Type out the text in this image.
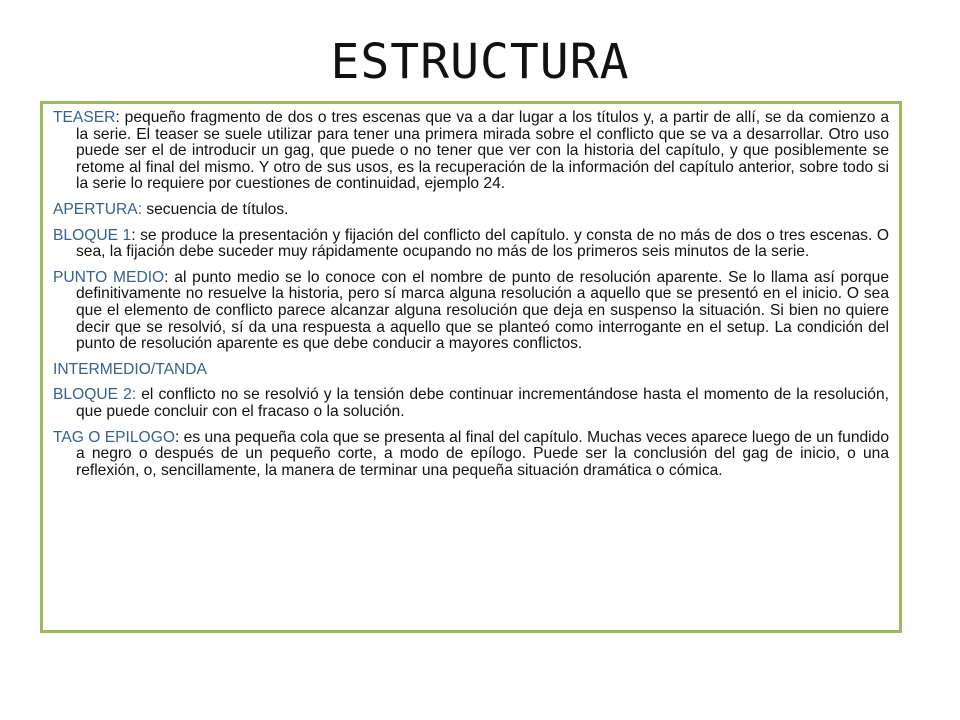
ESTRUCTURA

TEASER: pequeño fragmento de dos o tres escenas que va a dar lugar a los títulos y, a partir de allí, se da comienzo a la serie. El teaser se suele utilizar para tener una primera mirada sobre el conflicto que se va a desarrollar. Otro uso puede ser el de introducir un gag, que puede o no tener que ver con la historia del capítulo, y que posiblemente se retome al final del mismo. Y otro de sus usos, es la recuperación de la información del capítulo anterior, sobre todo si la serie lo requiere por cuestiones de continuidad, ejemplo 24.

APERTURA: secuencia de títulos.

BLOQUE 1: se produce la presentación y fijación del conflicto del capítulo. y consta de no más de dos o tres escenas. O sea, la fijación debe suceder muy rápidamente ocupando no más de los primeros seis minutos de la serie.

PUNTO MEDIO: al punto medio se lo conoce con el nombre de punto de resolución aparente. Se lo llama así porque definitivamente no resuelve la historia, pero sí marca alguna resolución a aquello que se presentó en el inicio. O sea que el elemento de conflicto parece alcanzar alguna resolución que deja en suspenso la situación. Si bien no quiere decir que se resolvió, sí da una respuesta a aquello que se planteó como interrogante en el setup. La condición del punto de resolución aparente es que debe conducir a mayores conflictos.

INTERMEDIO/TANDA

BLOQUE 2: el conflicto no se resolvió y la tensión debe continuar incrementándose hasta el momento de la resolución, que puede concluir con el fracaso o la solución.

TAG O EPILOGO: es una pequeña cola que se presenta al final del capítulo. Muchas veces aparece luego de un fundido a negro o después de un pequeño corte, a modo de epílogo. Puede ser la conclusión del gag de inicio, o una reflexión, o, sencillamente, la manera de terminar una pequeña situación dramática o cómica.
